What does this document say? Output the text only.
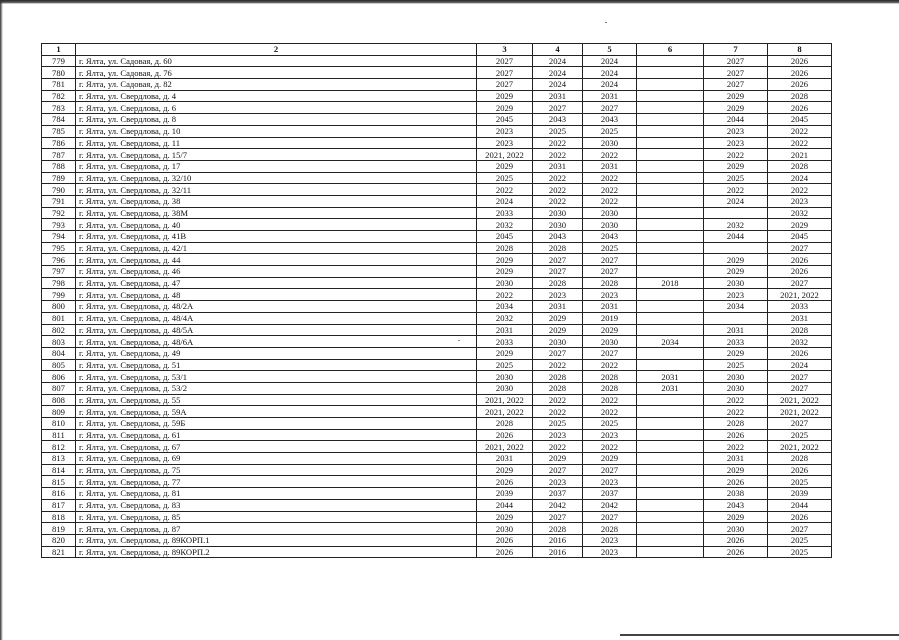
1	2	3	4	5	6	7	8
779	г. Ялта, ул. Садовая, д. 60	2027	2024	2024		2027	2026
780	г. Ялта, ул. Садовая, д. 76	2027	2024	2024		2027	2026
781	г. Ялта, ул. Садовая, д. 82	2027	2024	2024		2027	2026
782	г. Ялта, ул. Свердлова, д. 4	2029	2031	2031		2029	2028
783	г. Ялта, ул. Свердлова, д. 6	2029	2027	2027		2029	2026
784	г. Ялта, ул. Свердлова, д. 8	2045	2043	2043		2044	2045
785	г. Ялта, ул. Свердлова, д. 10	2023	2025	2025		2023	2022
786	г. Ялта, ул. Свердлова, д. 11	2023	2022	2030		2023	2022
787	г. Ялта, ул. Свердлова, д. 15/7	2021, 2022	2022	2022		2022	2021
788	г. Ялта, ул. Свердлова, д. 17	2029	2031	2031		2029	2028
789	г. Ялта, ул. Свердлова, д. 32/10	2025	2022	2022		2025	2024
790	г. Ялта, ул. Свердлова, д. 32/11	2022	2022	2022		2022	2022
791	г. Ялта, ул. Свердлова, д. 38	2024	2022	2022		2024	2023
792	г. Ялта, ул. Свердлова, д. 38М	2033	2030	2030			2032
793	г. Ялта, ул. Свердлова, д. 40	2032	2030	2030		2032	2029
794	г. Ялта, ул. Свердлова, д. 41В	2045	2043	2043		2044	2045
795	г. Ялта, ул. Свердлова, д. 42/1	2028	2028	2025			2027
796	г. Ялта, ул. Свердлова, д. 44	2029	2027	2027		2029	2026
797	г. Ялта, ул. Свердлова, д. 46	2029	2027	2027		2029	2026
798	г. Ялта, ул. Свердлова, д. 47	2030	2028	2028	2018	2030	2027
799	г. Ялта, ул. Свердлова, д. 48	2022	2023	2023		2023	2021, 2022
800	г. Ялта, ул. Свердлова, д. 48/2А	2034	2031	2031		2034	2033
801	г. Ялта, ул. Свердлова, д. 48/4А	2032	2029	2019			2031
802	г. Ялта, ул. Свердлова, д. 48/5А	2031	2029	2029		2031	2028
803	г. Ялта, ул. Свердлова, д. 48/6А	2033	2030	2030	2034	2033	2032
804	г. Ялта, ул. Свердлова, д. 49	2029	2027	2027		2029	2026
805	г. Ялта, ул. Свердлова, д. 51	2025	2022	2022		2025	2024
806	г. Ялта, ул. Свердлова, д. 53/1	2030	2028	2028	2031	2030	2027
807	г. Ялта, ул. Свердлова, д. 53/2	2030	2028	2028	2031	2030	2027
808	г. Ялта, ул. Свердлова, д. 55	2021, 2022	2022	2022		2022	2021, 2022
809	г. Ялта, ул. Свердлова, д. 59А	2021, 2022	2022	2022		2022	2021, 2022
810	г. Ялта, ул. Свердлова, д. 59Б	2028	2025	2025		2028	2027
811	г. Ялта, ул. Свердлова, д. 61	2026	2023	2023		2026	2025
812	г. Ялта, ул. Свердлова, д. 67	2021, 2022	2022	2022		2022	2021, 2022
813	г. Ялта, ул. Свердлова, д. 69	2031	2029	2029		2031	2028
814	г. Ялта, ул. Свердлова, д. 75	2029	2027	2027		2029	2026
815	г. Ялта, ул. Свердлова, д. 77	2026	2023	2023		2026	2025
816	г. Ялта, ул. Свердлова, д. 81	2039	2037	2037		2038	2039
817	г. Ялта, ул. Свердлова, д. 83	2044	2042	2042		2043	2044
818	г. Ялта, ул. Свердлова, д. 85	2029	2027	2027		2029	2026
819	г. Ялта, ул. Свердлова, д. 87	2030	2028	2028		2030	2027
820	г. Ялта, ул. Свердлова, д. 89КОРП.1	2026	2016	2023		2026	2025
821	г. Ялта, ул. Свердлова, д. 89КОРП.2	2026	2016	2023		2026	2025
